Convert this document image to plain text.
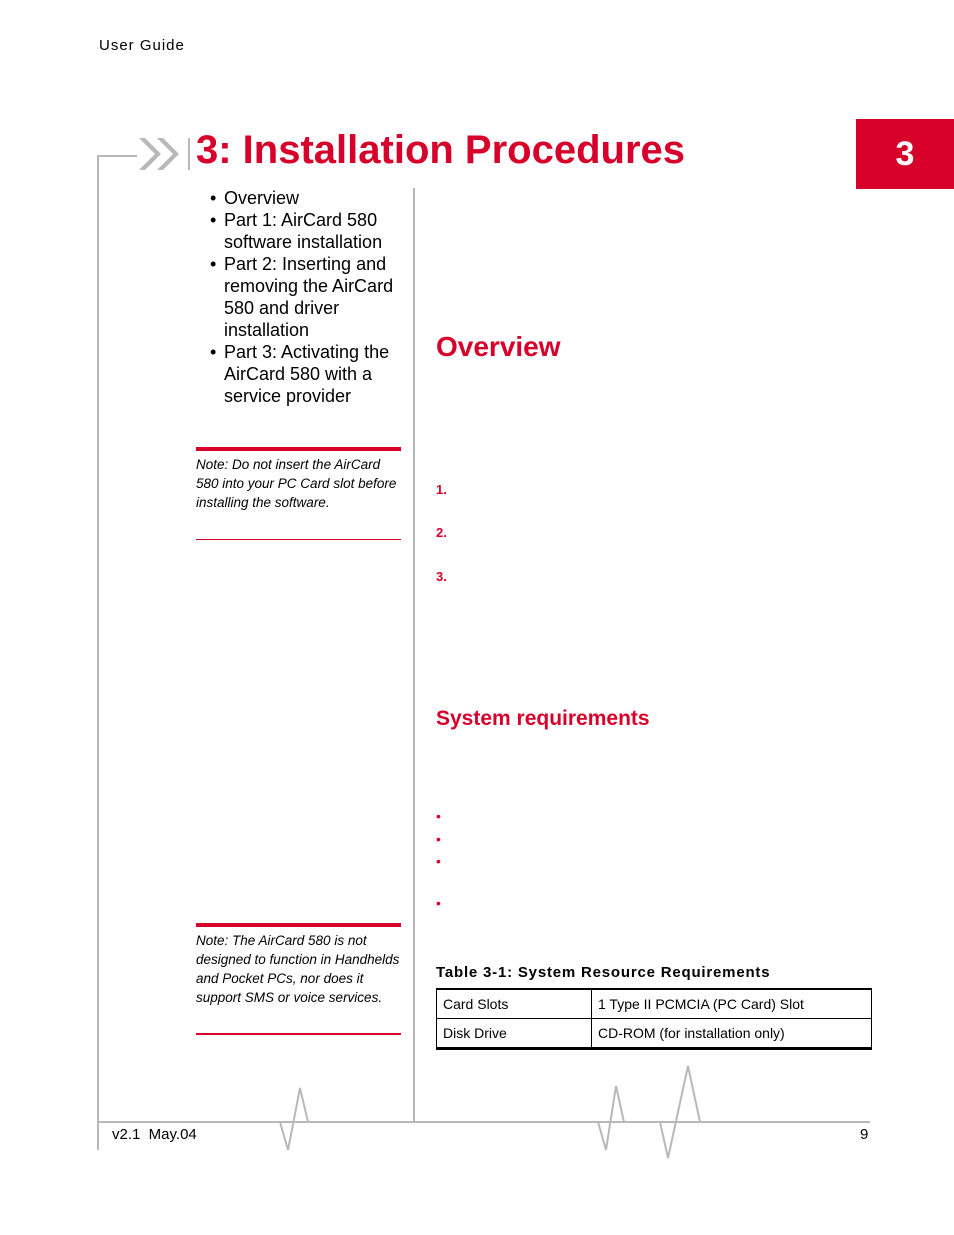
User Guide
3: Installation Procedures	3
• Overview
• Part 1: AirCard 580 software installation
• Part 2: Inserting and removing the AirCard 580 and driver installation
• Part 3: Activating the AirCard 580 with a service provider
Note: Do not insert the AirCard 580 into your PC Card slot before installing the software.
Note: The AirCard 580 is not designed to function in Handhelds and Pocket PCs, nor does it support SMS or voice services.
Overview
1.
2.
3.
System requirements
•
•
•
•
Table 3-1: System Resource Requirements
Card Slots	1 Type II PCMCIA (PC Card) Slot
Disk Drive	CD-ROM (for installation only)
v2.1  May.04	9
